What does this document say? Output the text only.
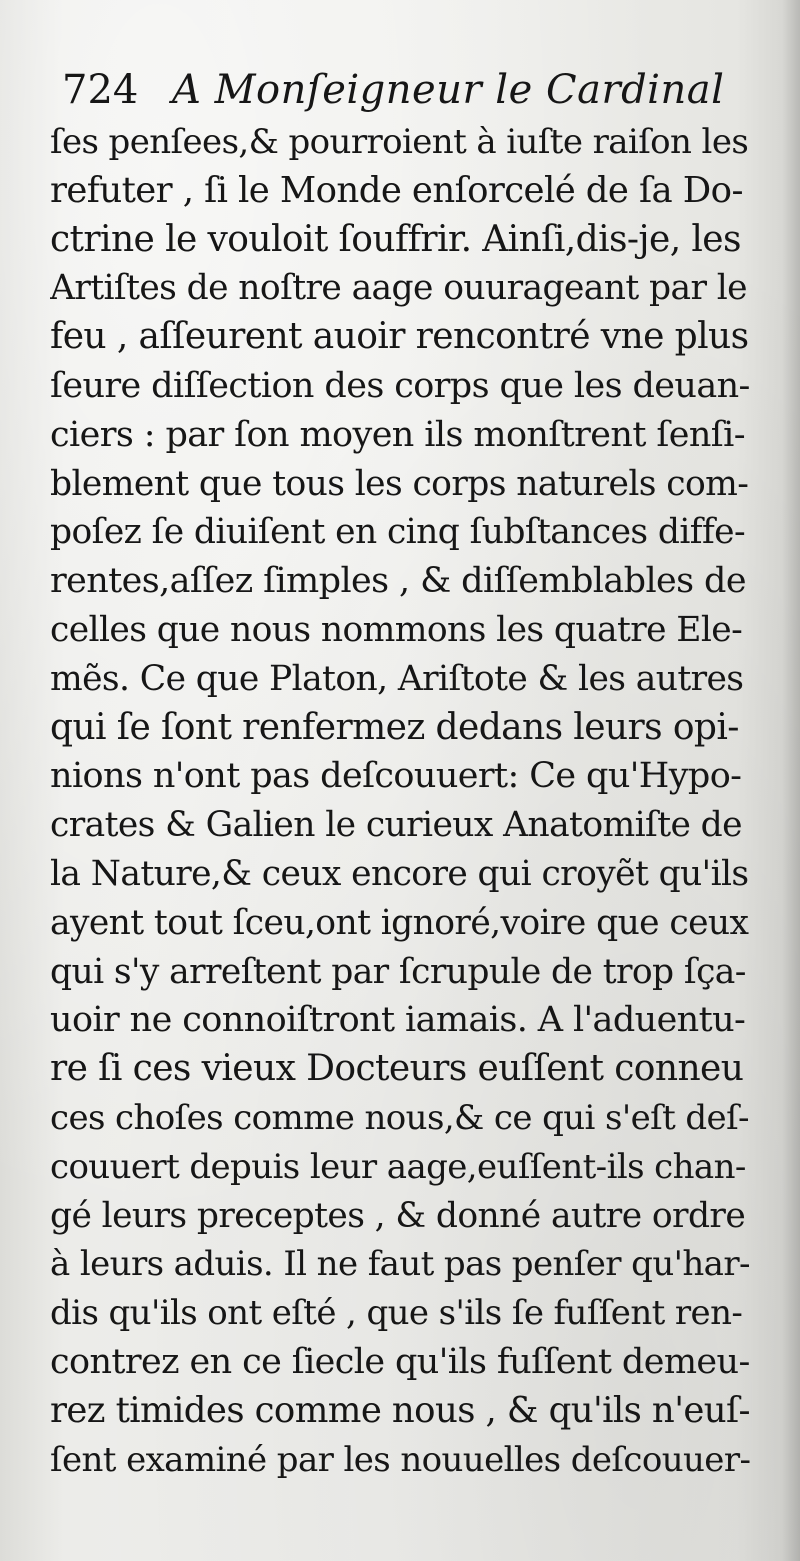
724 A Monſeigneur le Cardinal
ſes penſees,& pourroient à iuſte raiſon les
refuter , ſi le Monde enſorcelé de ſa Do-
ctrine le vouloit ſouffrir. Ainſi,dis-je, les
Artiſtes de noſtre aage ouurageant par le
feu , aſſeurent auoir rencontré vne plus
ſeure diſſection des corps que les deuan-
ciers : par ſon moyen ils monſtrent ſenſi-
blement que tous les corps naturels com-
poſez ſe diuiſent en cinq ſubſtances diffe-
rentes,aſſez ſimples , & diſſemblables de
celles que nous nommons les quatre Ele-
mẽs. Ce que Platon, Ariſtote & les autres
qui ſe ſont renfermez dedans leurs opi-
nions n'ont pas deſcouuert: Ce qu'Hypo-
crates & Galien le curieux Anatomiſte de
la Nature,& ceux encore qui croyẽt qu'ils
ayent tout ſceu,ont ignoré,voire que ceux
qui s'y arreſtent par ſcrupule de trop ſça-
uoir ne connoiſtront iamais. A l'aduentu-
re ſi ces vieux Docteurs euſſent conneu
ces choſes comme nous,& ce qui s'eſt deſ-
couuert depuis leur aage,euſſent-ils chan-
gé leurs preceptes , & donné autre ordre
à leurs aduis. Il ne faut pas penſer qu'har-
dis qu'ils ont eſté , que s'ils ſe fuſſent ren-
contrez en ce ſiecle qu'ils fuſſent demeu-
rez timides comme nous , & qu'ils n'euſ-
ſent examiné par les nouuelles deſcouuer-
